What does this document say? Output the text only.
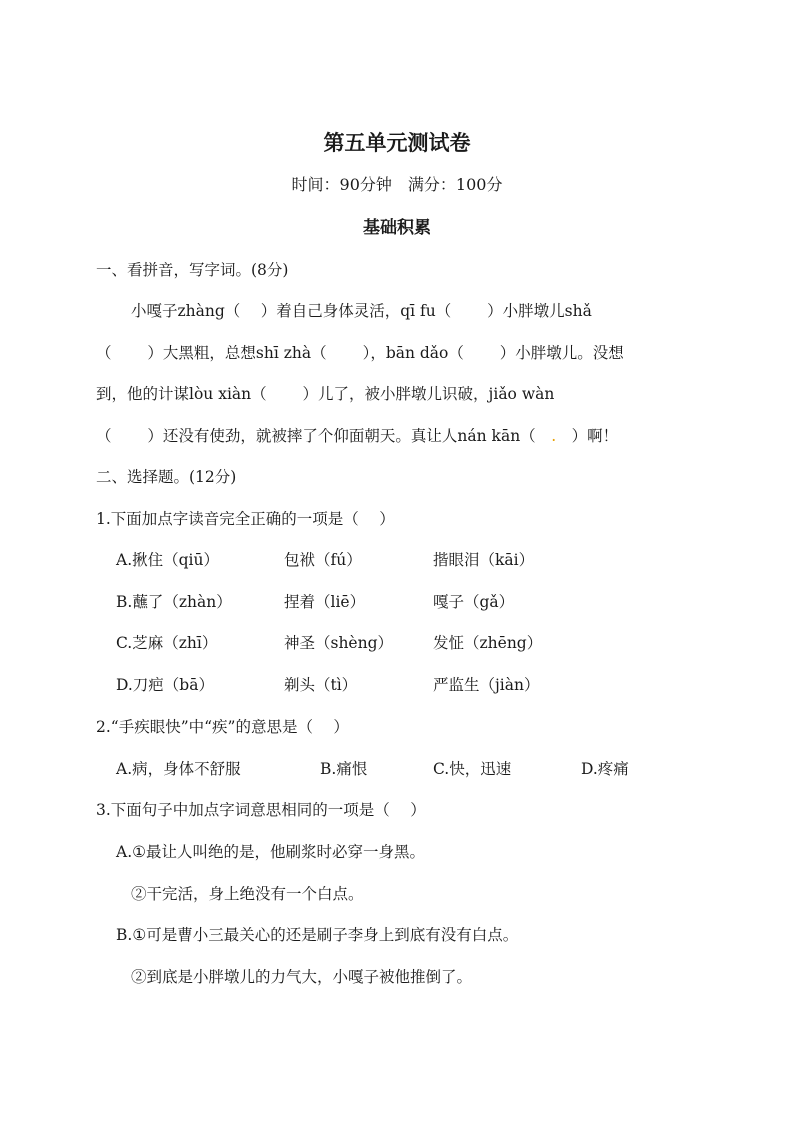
第五单元测试卷
时间：90分钟　满分：100分
基础积累
一、看拼音，写字词。(8分)
小嘎子zhàng（　 ）着自己身体灵活，qī fu（　　 ）小胖墩儿shǎ
（　　 ）大黑粗，总想shī zhà（　　 ），bān dǎo（　　 ）小胖墩儿。没想
到，他的计谋lòu xiàn（　　 ）儿了，被小胖墩儿识破，jiǎo wàn
（　　 ）还没有使劲，就被摔了个仰面朝天。真让人nán kān（　.　）啊！
二、选择题。(12分)
1.下面加点字读音完全正确的一项是（　 ）
A.揪住（qiū）	包袱（fú）	揩眼泪（kāi）
B.蘸了（zhàn）	捏着（liē）	嘎子（gǎ）
C.芝麻（zhī）	神圣（shèng）	发怔（zhēng）
D.刀疤（bā）	剃头（tì）	严监生（jiàn）
2.“手疾眼快”中“疾”的意思是（　 ）
A.病，身体不舒服	B.痛恨	C.快，迅速	D.疼痛
3.下面句子中加点字词意思相同的一项是（　 ）
A.①最让人叫绝的是，他刷浆时必穿一身黑。
②干完活，身上绝没有一个白点。
B.①可是曹小三最关心的还是刷子李身上到底有没有白点。
②到底是小胖墩儿的力气大，小嘎子被他推倒了。
